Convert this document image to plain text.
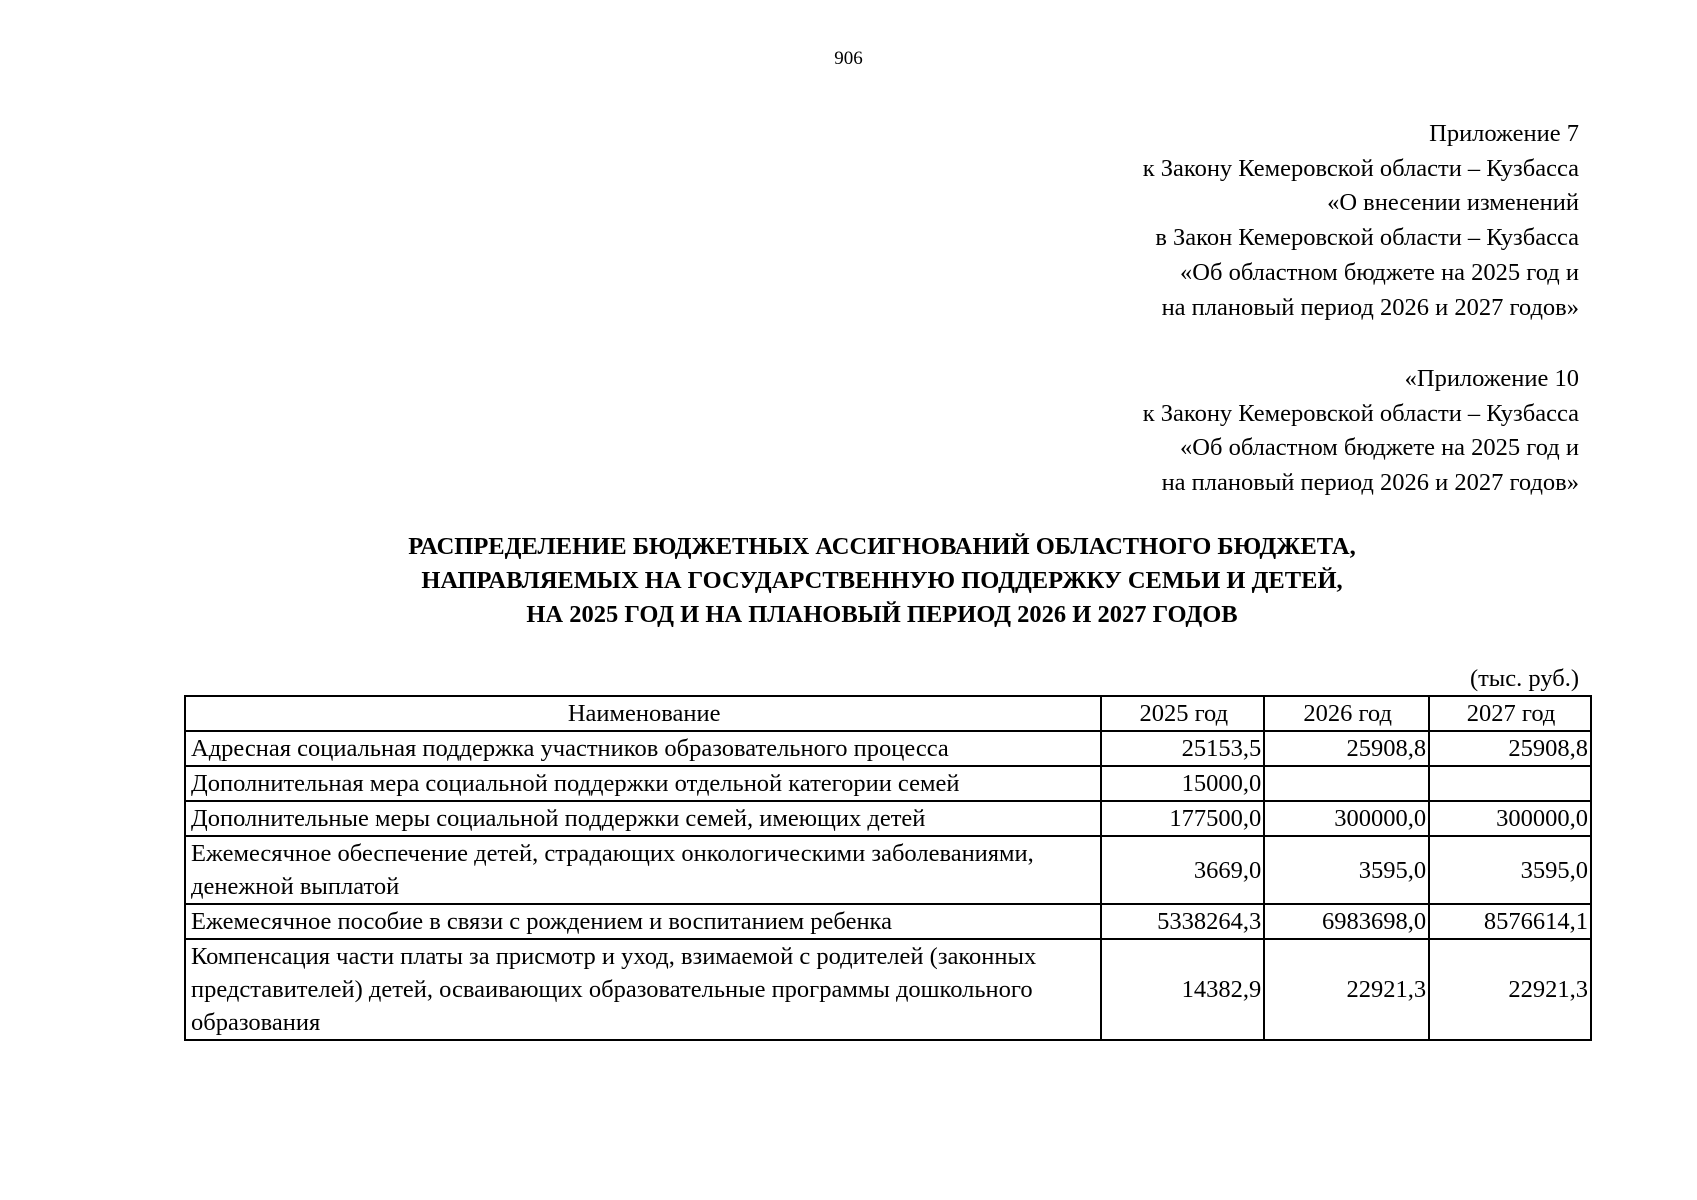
906
Приложение 7
к Закону Кемеровской области – Кузбасса
«О внесении изменений
в Закон Кемеровской области – Кузбасса
«Об областном бюджете на 2025 год и
на плановый период 2026 и 2027 годов»
«Приложение 10
к Закону Кемеровской области – Кузбасса
«Об областном бюджете на 2025 год и
на плановый период 2026 и 2027 годов»
РАСПРЕДЕЛЕНИЕ БЮДЖЕТНЫХ АССИГНОВАНИЙ ОБЛАСТНОГО БЮДЖЕТА,
НАПРАВЛЯЕМЫХ НА ГОСУДАРСТВЕННУЮ ПОДДЕРЖКУ СЕМЬИ И ДЕТЕЙ,
НА 2025 ГОД И НА ПЛАНОВЫЙ ПЕРИОД 2026 И 2027 ГОДОВ
(тыс. руб.)
Наименование	2025 год	2026 год	2027 год
Адресная социальная поддержка участников образовательного процесса	25153,5	25908,8	25908,8
Дополнительная мера социальной поддержки отдельной категории семей	15000,0		
Дополнительные меры социальной поддержки семей, имеющих детей	177500,0	300000,0	300000,0
Ежемесячное обеспечение детей, страдающих онкологическими заболеваниями, денежной выплатой	3669,0	3595,0	3595,0
Ежемесячное пособие в связи с рождением и воспитанием ребенка	5338264,3	6983698,0	8576614,1
Компенсация части платы за присмотр и уход, взимаемой с родителей (законных представителей) детей, осваивающих образовательные программы дошкольного образования	14382,9	22921,3	22921,3
